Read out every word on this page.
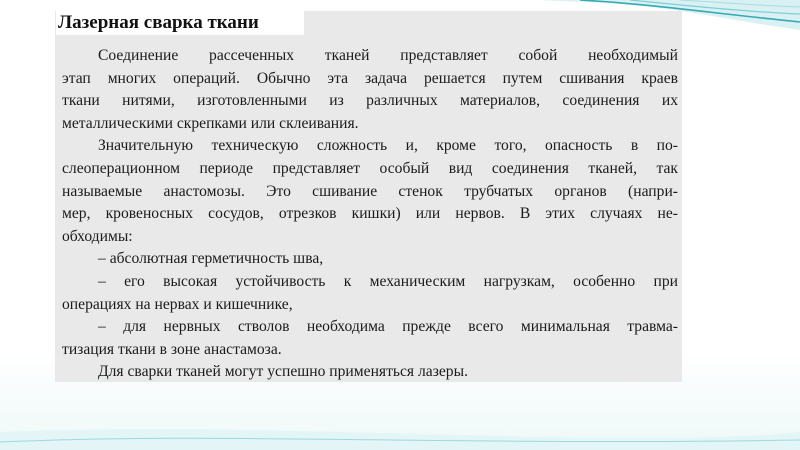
Лазерная сварка ткани
Соединение рассеченных тканей представляет собой необходимый
этап многих операций. Обычно эта задача решается путем сшивания краев
ткани нитями, изготовленными из различных материалов, соединения их
металлическими скрепками или склеивания.
Значительную техническую сложность и, кроме того, опасность в по-
слеоперационном периоде представляет особый вид соединения тканей, так
называемые анастомозы. Это сшивание стенок трубчатых органов (напри-
мер, кровеносных сосудов, отрезков кишки) или нервов. В этих случаях не-
обходимы:
– абсолютная герметичность шва,
– его высокая устойчивость к механическим нагрузкам, особенно при
операциях на нервах и кишечнике,
– для нервных стволов необходима прежде всего минимальная травма-
тизация ткани в зоне анастамоза.
Для сварки тканей могут успешно применяться лазеры.
